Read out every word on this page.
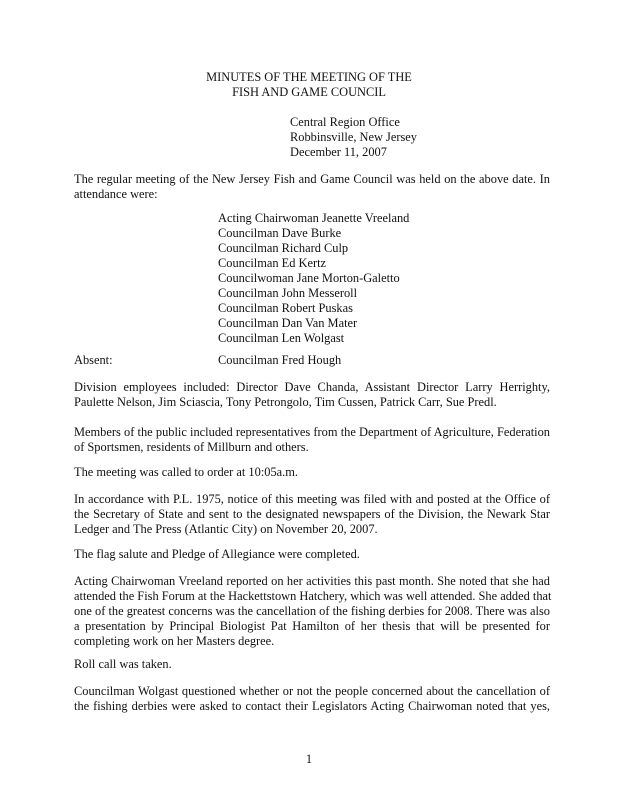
MINUTES OF THE MEETING OF THE
FISH AND GAME COUNCIL
Central Region Office
Robbinsville, New Jersey
December 11, 2007
The regular meeting of the New Jersey Fish and Game Council was held on the above date. In
attendance were:
Acting Chairwoman Jeanette Vreeland
Councilman Dave Burke
Councilman Richard Culp
Councilman Ed Kertz
Councilwoman Jane Morton-Galetto
Councilman John Messeroll
Councilman Robert Puskas
Councilman Dan Van Mater
Councilman Len Wolgast
Absent:	Councilman Fred Hough
Division employees included: Director Dave Chanda, Assistant Director Larry Herrighty,
Paulette Nelson, Jim Sciascia, Tony Petrongolo, Tim Cussen, Patrick Carr, Sue Predl.
Members of the public included representatives from the Department of Agriculture, Federation
of Sportsmen, residents of Millburn and others.
The meeting was called to order at 10:05a.m.
In accordance with P.L. 1975, notice of this meeting was filed with and posted at the Office of
the Secretary of State and sent to the designated newspapers of the Division, the Newark Star
Ledger and The Press (Atlantic City) on November 20, 2007.
The flag salute and Pledge of Allegiance were completed.
Acting Chairwoman Vreeland reported on her activities this past month. She noted that she had
attended the Fish Forum at the Hackettstown Hatchery, which was well attended. She added that
one of the greatest concerns was the cancellation of the fishing derbies for 2008. There was also
a presentation by Principal Biologist Pat Hamilton of her thesis that will be presented for
completing work on her Masters degree.
Roll call was taken.
Councilman Wolgast questioned whether or not the people concerned about the cancellation of
the fishing derbies were asked to contact their Legislators Acting Chairwoman noted that yes,
1
